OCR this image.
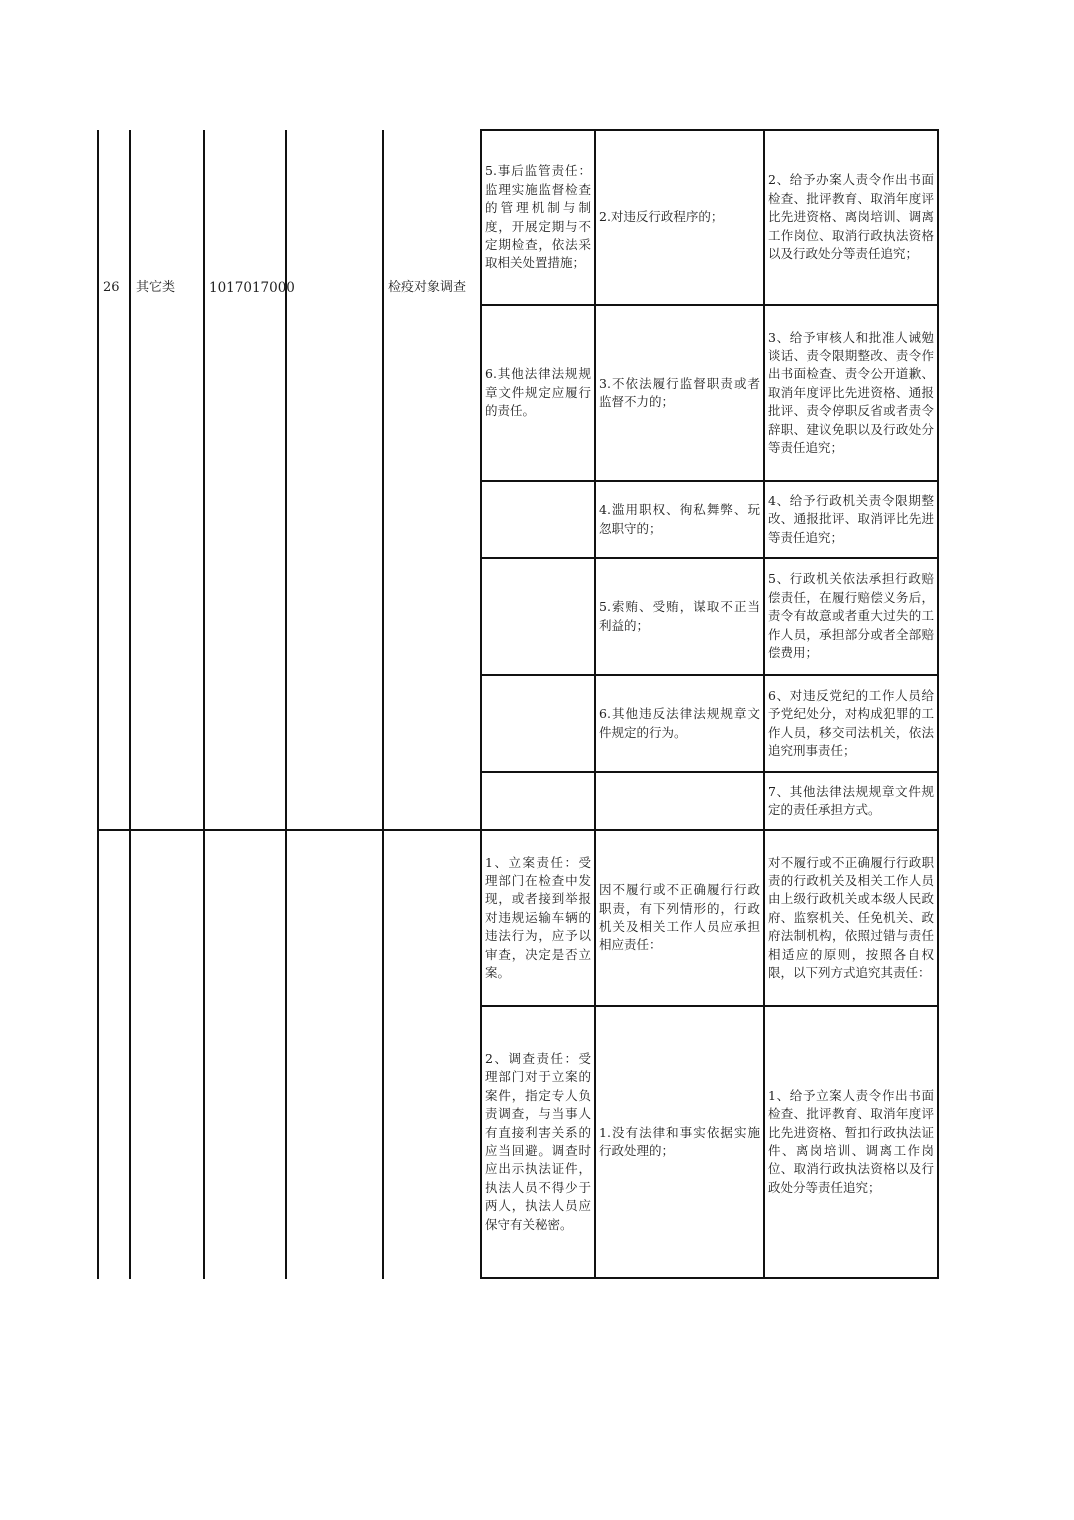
26 其它类	1017017000	检疫对象调查
5.事后监管责任：监理实施监督检查的管理机制与制度，开展定期与不定期检查，依法采取相关处置措施；
2.对违反行政程序的；
2、给予办案人责令作出书面检查、批评教育、取消年度评比先进资格、离岗培训、调离工作岗位、取消行政执法资格以及行政处分等责任追究；
6.其他法律法规规章文件规定应履行的责任。
3.不依法履行监督职责或者监督不力的；
3、给予审核人和批准人诫勉谈话、责令限期整改、责令作出书面检查、责令公开道歉、取消年度评比先进资格、通报批评、责令停职反省或者责令辞职、建议免职以及行政处分等责任追究；
4.滥用职权、徇私舞弊、玩忽职守的；
4、给予行政机关责令限期整改、通报批评、取消评比先进等责任追究；
5.索贿、受贿，谋取不正当利益的；
5、行政机关依法承担行政赔偿责任，在履行赔偿义务后，责令有故意或者重大过失的工作人员，承担部分或者全部赔偿费用；
6.其他违反法律法规规章文件规定的行为。
6、对违反党纪的工作人员给予党纪处分，对构成犯罪的工作人员，移交司法机关，依法追究刑事责任；
7、其他法律法规规章文件规定的责任承担方式。
1、立案责任：受理部门在检查中发现，或者接到举报对违规运输车辆的违法行为，应予以审查，决定是否立案。
因不履行或不正确履行行政职责，有下列情形的，行政机关及相关工作人员应承担相应责任：
对不履行或不正确履行行政职责的行政机关及相关工作人员由上级行政机关或本级人民政府、监察机关、任免机关、政府法制机构，依照过错与责任相适应的原则，按照各自权限，以下列方式追究其责任：
2、调查责任：受理部门对于立案的案件，指定专人负责调查，与当事人有直接利害关系的应当回避。调查时应出示执法证件，执法人员不得少于两人，执法人员应保守有关秘密。
1.没有法律和事实依据实施行政处理的；
1、给予立案人责令作出书面检查、批评教育、取消年度评比先进资格、暂扣行政执法证件、离岗培训、调离工作岗位、取消行政执法资格以及行政处分等责任追究；
